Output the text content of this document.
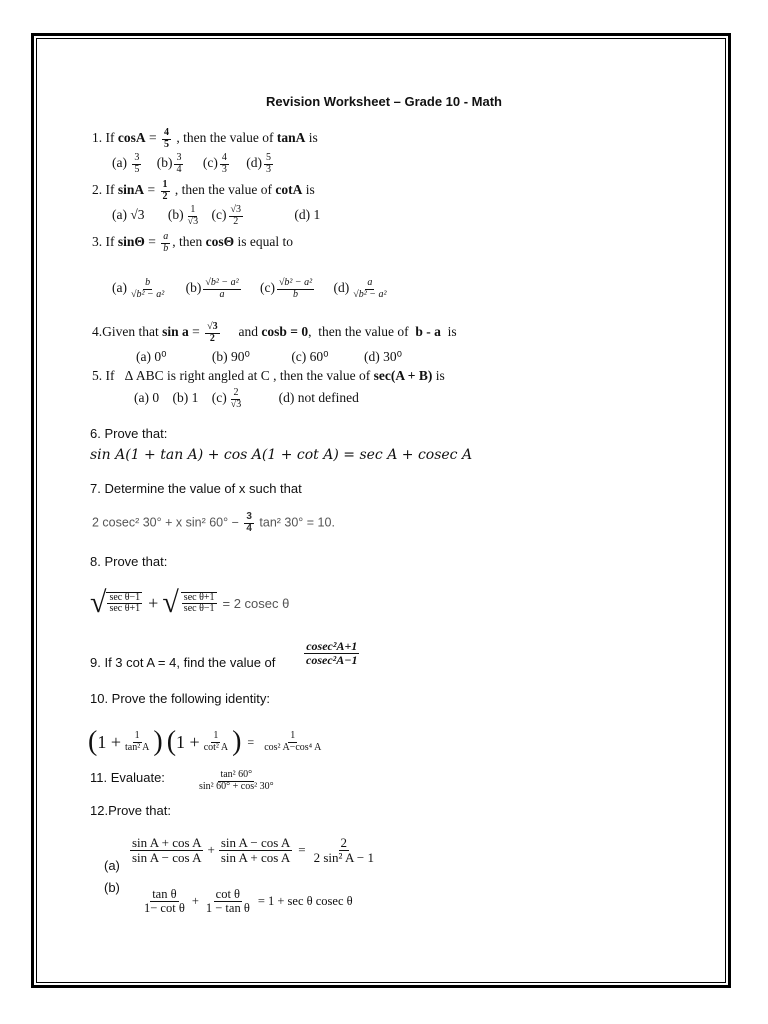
Revision Worksheet – Grade 10 - Math
1. If $\cos A = \frac{4}{5}$ , then the value of tanA is
$(a) \frac{3}{5} (b) \frac{3}{4} (c) \frac{4}{3} (d) \frac{5}{3}$
2. If $\sin A = \frac{1}{2}$ , then the value of cotA is
(a) √3 $(b) \frac{1}{√3} (c) \frac{√3}{2}$	(d) 1
3. If $\sin\Theta = \frac{a}{b}$ , then cosΘ is equal to
$(a) \frac{b}{\text{√b² − a²}} (b) \frac{\text{√b² − a²}}{a} (c) \frac{\text{√b² − a²}}{b} (d) \frac{a}{\text{√b² − a²}}$
4.Given that $\sin a = \frac{√3}{2}$ and cosb = 0,  then the value of  b - a  is
(a) 0⁰	(b) 90⁰	(c) 60⁰	(d) 30⁰
5. If   Δ ABC is right angled at C , then the value of sec(A + B) is
(a) 0 (b) 1 $(c) \frac{2}{√3}$	(d) not defined
6. Prove that:
sin A(1 + tan A) + cos A(1 + cot A) = sec A + cosec A
7. Determine the value of x such that
2 cosec² 30° + x sin² $60^\circ - \frac{3}{4} \tan^2$ 30° = 10.
8. Prove that:
√ $\frac{\text{sec θ−1}}{\text{sec θ+1}}$ + √ $\frac{\text{sec θ+1}}{\text{sec θ−1}} = 2$ cosec θ
9. If 3 cot A = 4, find the value of $\frac{\text{cosec²A+1}}{\text{cosec²A−1}}$
10. Prove the following identity:
( $1 + \frac{1}{\text{tan² A}}$ ) ( $1 + \frac{1}{\text{cot² A}}$ ) = $\frac{1}{\text{cos² A−cos⁴ A}}$
11. Evaluate:	$\frac{\text{tan² 60°}}{\text{sin² 60° + cos² 30°}}$
12.Prove that:
(a)
$\frac{\text{sin A + cos A}}{\text{sin A − cos A}} + \frac{\text{sin A − cos A}}{\text{sin A + cos A}} = \frac{2}{\text{2 sin² A − 1}}$
(b)
$\frac{\text{tan θ}}{\text{1− cot θ}} + \frac{\text{cot θ}}{\text{1 − tan θ}} = 1 + \sec \theta$ cosec θ
